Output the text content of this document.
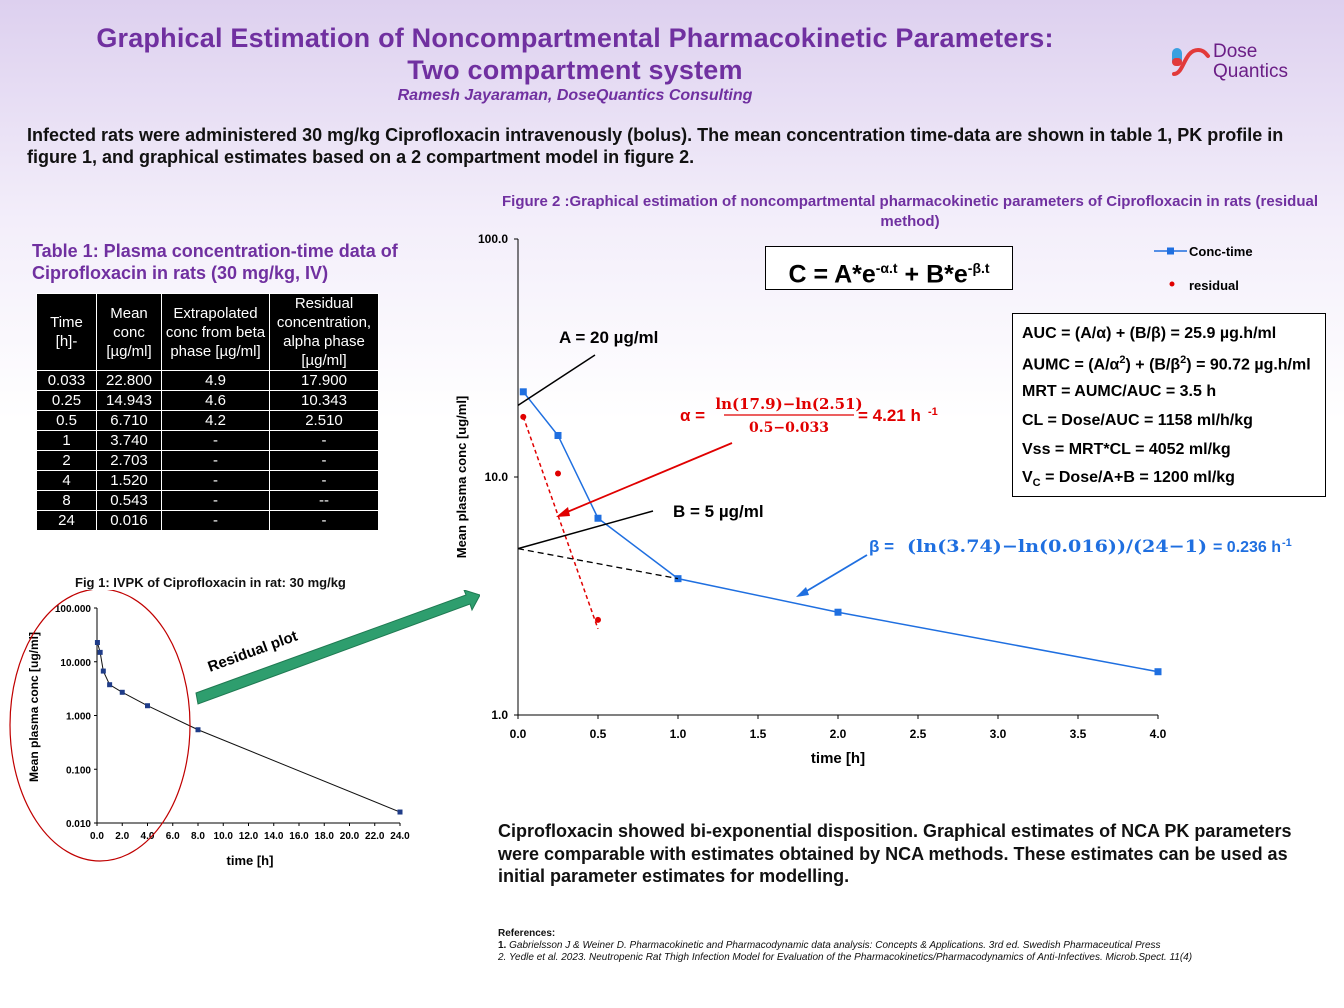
Graphical Estimation of Noncompartmental Pharmacokinetic Parameters:
Two compartment system
Ramesh Jayaraman, DoseQuantics Consulting
Dose
Quantics
Infected rats were administered 30 mg/kg Ciprofloxacin intravenously (bolus). The mean concentration time-data are shown in table 1, PK profile in figure 1, and graphical estimates based on a 2 compartment model in figure 2.
Table 1: Plasma concentration-time data of Ciprofloxacin in rats (30 mg/kg, IV)
Time [h]-	Mean conc [µg/ml]	Extrapolated conc from beta phase [µg/ml]	Residual concentration, alpha phase [µg/ml]
0.033	22.800	4.9	17.900
0.25	14.943	4.6	10.343
0.5	6.710	4.2	2.510
1	3.740	-	-
2	2.703	-	-
4	1.520	-	-
8	0.543	-	--
24	0.016	-	-
Fig 1: IVPK of Ciprofloxacin in rat: 30 mg/kg
0.010
0.100
1.000
10.000
100.000
0.0 2.0 4.0 6.0 8.0 10.0 12.0 14.0 16.0 18.0 20.0 22.0 24.0
time [h]
Mean plasma conc [ug/ml]	Residual plot
Figure 2 :Graphical estimation of noncompartmental pharmacokinetic parameters of Ciprofloxacin in rats (residual method)
1.0
10.0
100.0
0.0	0.5	1.0	1.5	2.0	2.5	3.0	3.5	4.0
time [h]
Mean plasma conc [ug/ml]
A = 20 µg/ml
B = 5 µg/ml
α =
ln(17.9)−ln(2.51)
0.5−0.033
= 4.21 h -1
β = (ln(3.74)−ln(0.016))/(24−1) = 0.236 h -1
Conc-time
residual
$C = A*e^{-\alpha.t} + B*e^{-\beta.t}$
AUC = (A/α) + (B/β) = 25.9 µg.h/ml
AUMC = $(A/\alpha^2) + (B/\beta^2) = 90.72$ µg.h/ml
MRT = AUMC/AUC = 3.5 h
CL = Dose/AUC = 1158 ml/h/kg
Vss = MRT*CL = 4052 ml/kg
$V_C$ = Dose/A+B = 1200 ml/kg
Ciprofloxacin showed bi-exponential disposition. Graphical estimates of NCA PK parameters were comparable with estimates obtained by NCA methods. These estimates can be used as initial parameter estimates for modelling.
References:
1. Gabrielsson J & Weiner D. Pharmacokinetic and Pharmacodynamic data analysis: Concepts & Applications. 3rd ed. Swedish Pharmaceutical Press
2. Yedle et al. 2023. Neutropenic Rat Thigh Infection Model for Evaluation of the Pharmacokinetics/Pharmacodynamics of Anti-Infectives. Microb.Spect. 11(4)
